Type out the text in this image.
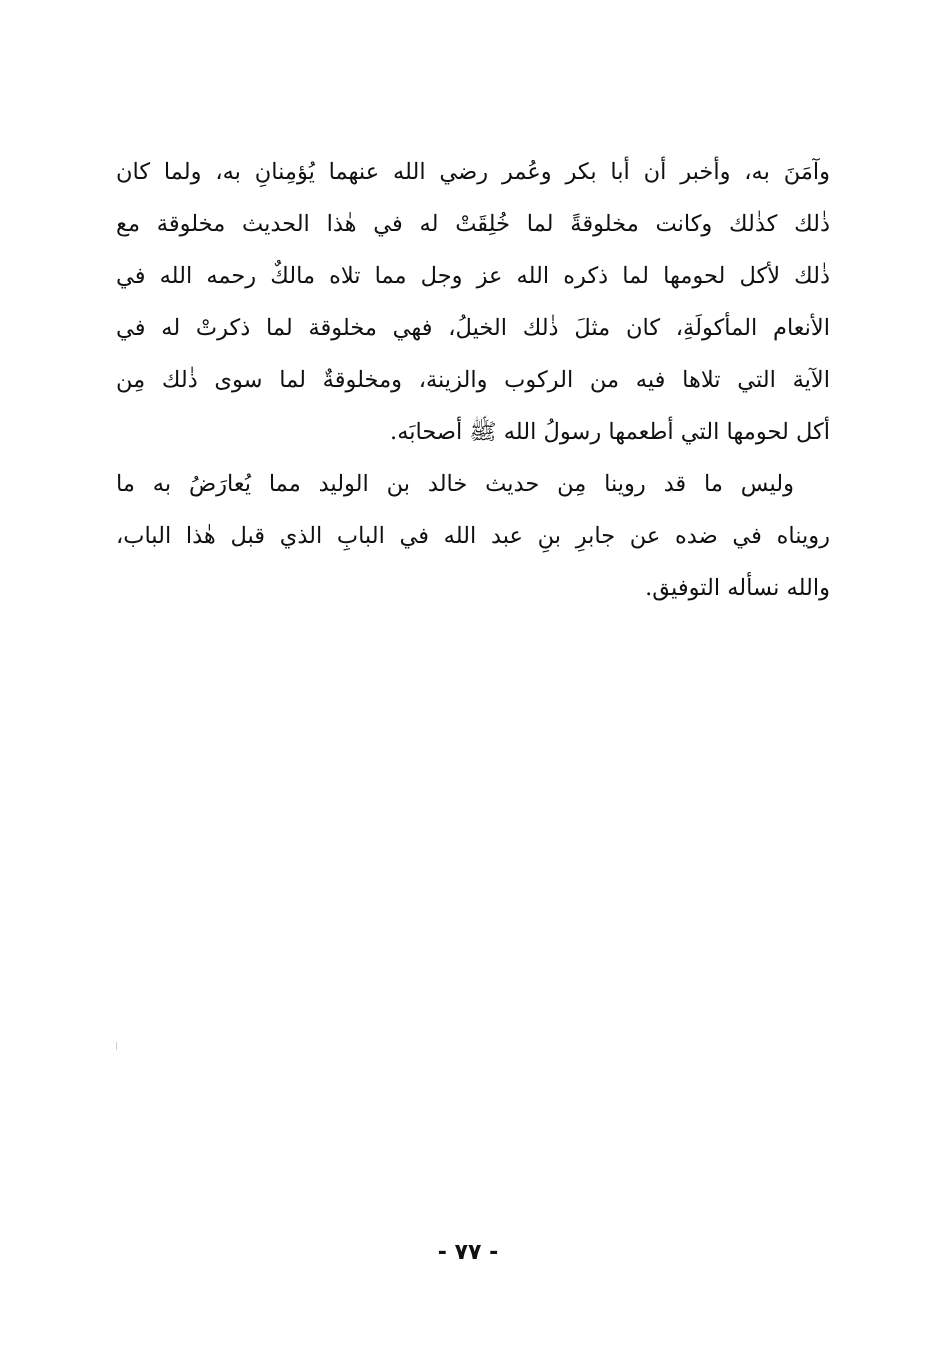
وآمَنَ به، وأخبر أن أبا بكر وعُمر رضي الله عنهما يُؤمِنانِ به، ولما كان
ذٰلك كذٰلك وكانت مخلوقةً لما خُلِقَتْ له في هٰذا الحديث مخلوقة مع
ذٰلك لأكل لحومها لما ذكره الله عز وجل مما تلاه مالكٌ رحمه الله في
الأنعام المأكولَةِ، كان مثلَ ذٰلك الخيلُ، فهي مخلوقة لما ذكرتْ له في
الآية التي تلاها فيه من الركوب والزينة، ومخلوقةٌ لما سوى ذٰلك مِن
أكل لحومها التي أطعمها رسولُ الله ﷺ أصحابَه.
وليس ما قد روينا مِن حديث خالد بن الوليد مما يُعارَضُ به ما
رويناه في ضده عن جابرِ بنِ عبد الله في البابِ الذي قبل هٰذا الباب،
والله نسأله التوفيق.
- ٧٧ -
